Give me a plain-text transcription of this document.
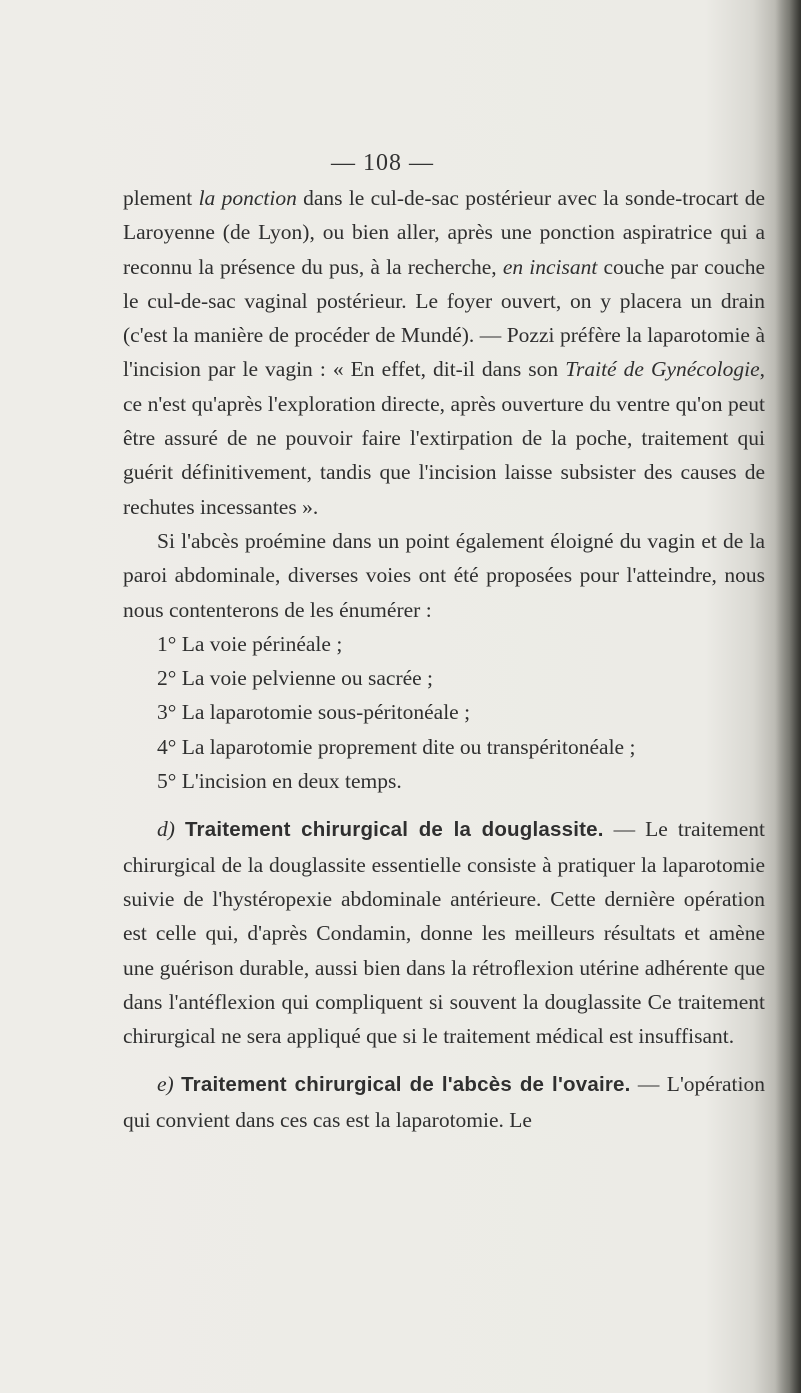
— 108 —

plement la ponction dans le cul-de-sac postérieur avec la sonde-trocart de Laroyenne (de Lyon), ou bien aller, après une ponction aspiratrice qui a reconnu la présence du pus, à la recherche, en incisant couche par couche le cul-de-sac vaginal postérieur. Le foyer ouvert, on y placera un drain (c'est la manière de procéder de Mundé). — Pozzi préfère la laparotomie à l'incision par le vagin : « En effet, dit-il dans son Traité de Gynécologie, ce n'est qu'après l'exploration directe, après ouverture du ventre qu'on peut être assuré de ne pouvoir faire l'extirpation de la poche, traitement qui guérit définitivement, tandis que l'incision laisse subsister des causes de rechutes incessantes ».

Si l'abcès proémine dans un point également éloigné du vagin et de la paroi abdominale, diverses voies ont été proposées pour l'atteindre, nous nous contenterons de les énumérer :

1° La voie périnéale ;
2° La voie pelvienne ou sacrée ;
3° La laparotomie sous-péritonéale ;
4° La laparotomie proprement dite ou transpéritonéale ;
5° L'incision en deux temps.

d) Traitement chirurgical de la douglassite. — Le traitement chirurgical de la douglassite essentielle consiste à pratiquer la laparotomie suivie de l'hystéropexie abdominale antérieure. Cette dernière opération est celle qui, d'après Condamin, donne les meilleurs résultats et amène une guérison durable, aussi bien dans la rétroflexion utérine adhérente que dans l'antéflexion qui compliquent si souvent la douglassite Ce traitement chirurgical ne sera appliqué que si le traitement médical est insuffisant.

e) Traitement chirurgical de l'abcès de l'ovaire. — L'opération qui convient dans ces cas est la laparotomie. Le
